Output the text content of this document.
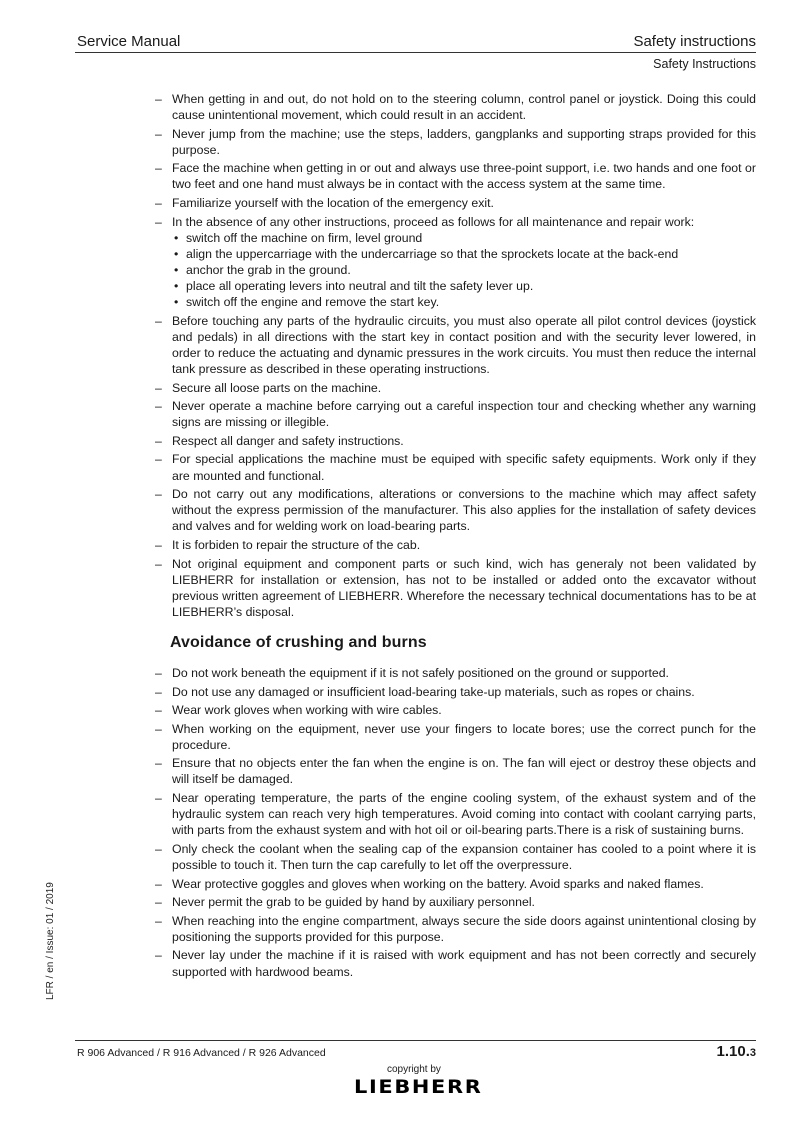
Service Manual	Safety instructions
Safety Instructions
– When getting in and out, do not hold on to the steering column, control panel or joystick. Doing this could cause unintentional movement, which could result in an accident.
– Never jump from the machine; use the steps, ladders, gangplanks and supporting straps provided for this purpose.
– Face the machine when getting in or out and always use three-point support, i.e. two hands and one foot or two feet and one hand must always be in contact with the access system at the same time.
– Familiarize yourself with the location of the emergency exit.
– In the absence of any other instructions, proceed as follows for all maintenance and repair work:
• switch off the machine on firm, level ground
• align the uppercarriage with the undercarriage so that the sprockets locate at the back-end
• anchor the grab in the ground.
• place all operating levers into neutral and tilt the safety lever up.
• switch off the engine and remove the start key.
– Before touching any parts of the hydraulic circuits, you must also operate all pilot control devices (joystick and pedals) in all directions with the start key in contact position and with the security lever lowered, in order to reduce the actuating and dynamic pressures in the work circuits. You must then reduce the internal tank pressure as described in these operating instructions.
– Secure all loose parts on the machine.
– Never operate a machine before carrying out a careful inspection tour and checking whether any warning signs are missing or illegible.
– Respect all danger and safety instructions.
– For special applications the machine must be equiped with specific safety equipments. Work only if they are mounted and functional.
– Do not carry out any modifications, alterations or conversions to the machine which may affect safety without the express permission of the manufacturer. This also applies for the installation of safety devices and valves and for welding work on load-bearing parts.
– It is forbiden to repair the structure of the cab.
– Not original equipment and component parts or such kind, wich has generaly not been validated by LIEBHERR for installation or extension, has not to be installed or added onto the excavator without previous written agreement of LIEBHERR. Wherefore the necessary technical documentations has to be at LIEBHERR’s disposal.
Avoidance of crushing and burns
– Do not work beneath the equipment if it is not safely positioned on the ground or supported.
– Do not use any damaged or insufficient load-bearing take-up materials, such as ropes or chains.
– Wear work gloves when working with wire cables.
– When working on the equipment, never use your fingers to locate bores; use the correct punch for the procedure.
– Ensure that no objects enter the fan when the engine is on. The fan will eject or destroy these objects and will itself be damaged.
– Near operating temperature, the parts of the engine cooling system, of the exhaust system and of the hydraulic system can reach very high temperatures. Avoid coming into contact with coolant carrying parts, with parts from the exhaust system and with hot oil or oil-bearing parts.There is a risk of sustaining burns.
– Only check the coolant when the sealing cap of the expansion container has cooled to a point where it is possible to touch it. Then turn the cap carefully to let off the overpressure.
– Wear protective goggles and gloves when working on the battery. Avoid sparks and naked flames.
– Never permit the grab to be guided by hand by auxiliary personnel.
– When reaching into the engine compartment, always secure the side doors against unintentional closing by positioning the supports provided for this purpose.
– Never lay under the machine if it is raised with work equipment and has not been correctly and securely supported with hardwood beams.
LFR / en / Issue: 01 / 2019
R 906 Advanced / R 916 Advanced / R 926 Advanced	1.10.3
copyright by
LIEBHERR
